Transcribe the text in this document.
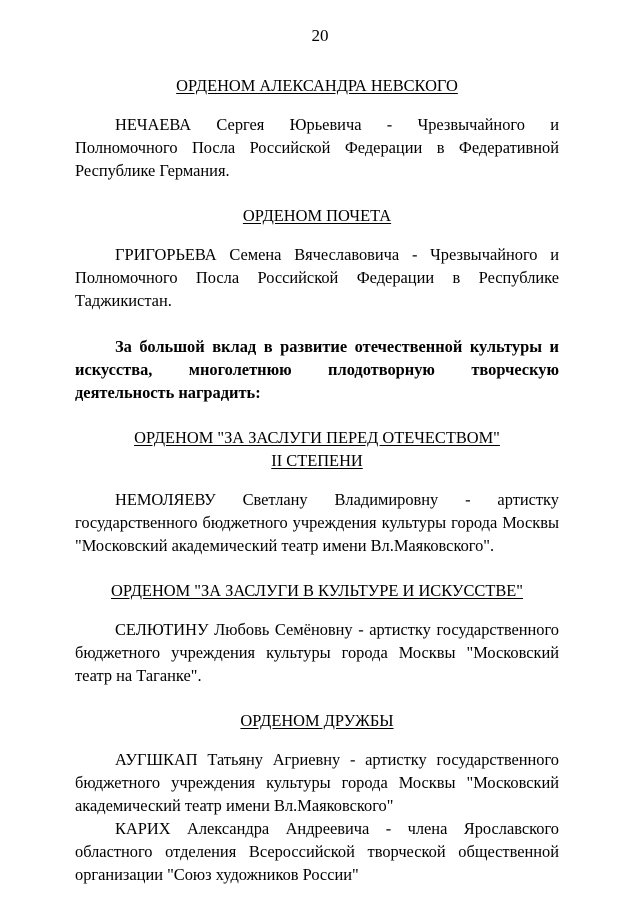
20
ОРДЕНОМ АЛЕКСАНДРА НЕВСКОГО

НЕЧАЕВА Сергея Юрьевича - Чрезвычайного и Полномочного Посла Российской Федерации в Федеративной Республике Германия.

ОРДЕНОМ ПОЧЕТА

ГРИГОРЬЕВА Семена Вячеславовича - Чрезвычайного и Полномочного Посла Российской Федерации в Республике Таджикистан.

За большой вклад в развитие отечественной культуры и искусства, многолетнюю плодотворную творческую деятельность наградить:

ОРДЕНОМ "ЗА ЗАСЛУГИ ПЕРЕД ОТЕЧЕСТВОМ"
II СТЕПЕНИ

НЕМОЛЯЕВУ Светлану Владимировну - артистку государственного бюджетного учреждения культуры города Москвы "Московский академический театр имени Вл.Маяковского".

ОРДЕНОМ "ЗА ЗАСЛУГИ В КУЛЬТУРЕ И ИСКУССТВЕ"

СЕЛЮТИНУ Любовь Семёновну - артистку государственного бюджетного учреждения культуры города Москвы "Московский театр на Таганке".

ОРДЕНОМ ДРУЖБЫ

АУГШКАП Татьяну Агриевну - артистку государственного бюджетного учреждения культуры города Москвы "Московский академический театр имени Вл.Маяковского"

КАРИХ Александра Андреевича - члена Ярославского областного отделения Всероссийской творческой общественной организации "Союз художников России"
